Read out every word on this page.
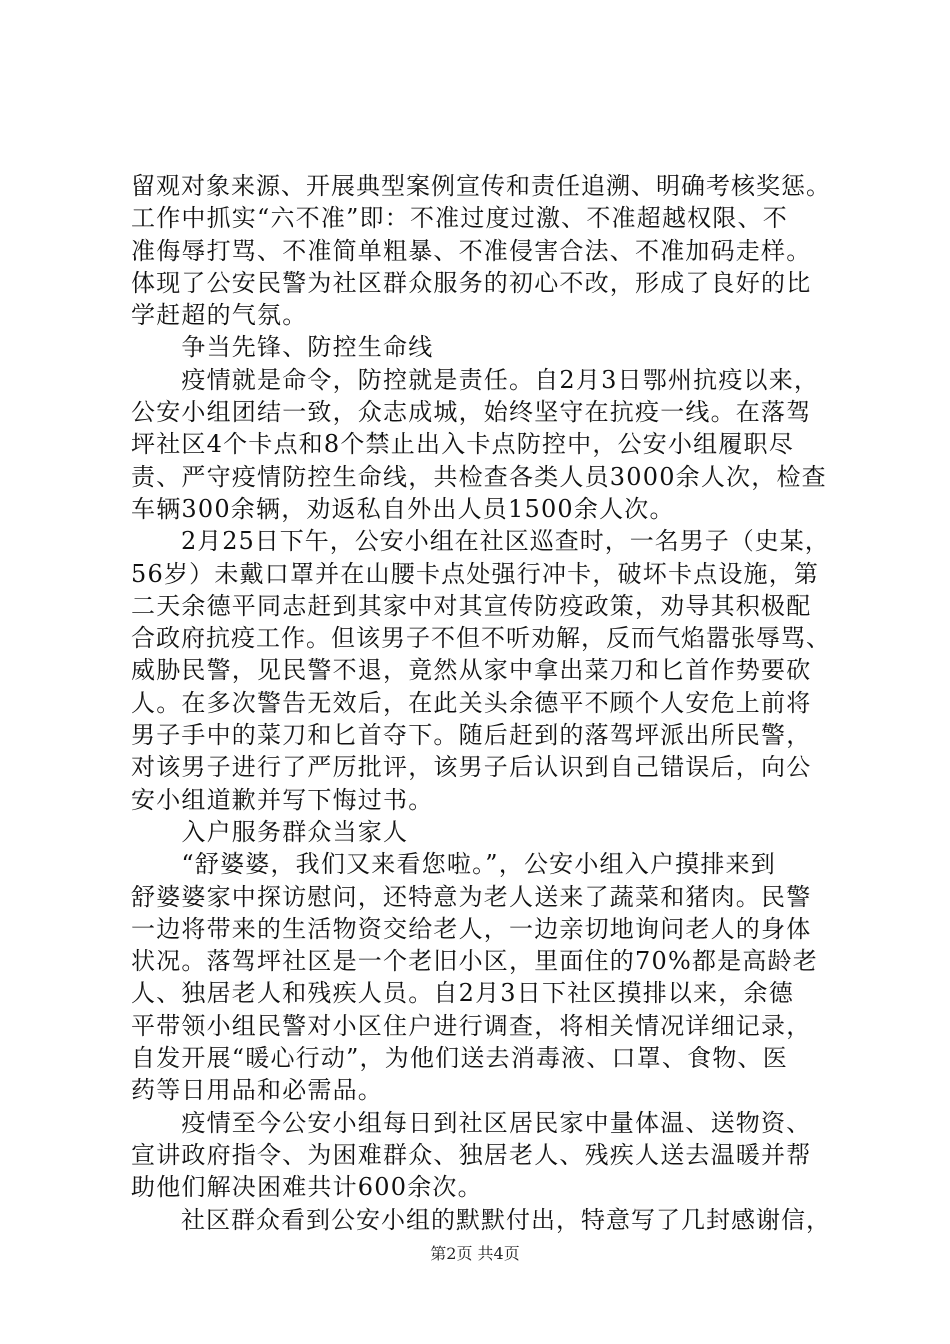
留观对象来源、开展典型案例宣传和责任追溯、明确考核奖惩。
工作中抓实“六不准”即：不准过度过激、不准超越权限、不
准侮辱打骂、不准简单粗暴、不准侵害合法、不准加码走样。
体现了公安民警为社区群众服务的初心不改，形成了良好的比
学赶超的气氛。
　　争当先锋、防控生命线
　　疫情就是命令，防控就是责任。自2月3日鄂州抗疫以来，
公安小组团结一致，众志成城，始终坚守在抗疫一线。在落驾
坪社区4个卡点和8个禁止出入卡点防控中，公安小组履职尽
责、严守疫情防控生命线，共检查各类人员3000余人次，检查
车辆300余辆，劝返私自外出人员1500余人次。
　　2月25日下午，公安小组在社区巡查时，一名男子（史某，
56岁）未戴口罩并在山腰卡点处强行冲卡，破坏卡点设施，第
二天余德平同志赶到其家中对其宣传防疫政策，劝导其积极配
合政府抗疫工作。但该男子不但不听劝解，反而气焰嚣张辱骂、
威胁民警，见民警不退，竟然从家中拿出菜刀和匕首作势要砍
人。在多次警告无效后，在此关头余德平不顾个人安危上前将
男子手中的菜刀和匕首夺下。随后赶到的落驾坪派出所民警，
对该男子进行了严厉批评，该男子后认识到自己错误后，向公
安小组道歉并写下悔过书。
　　入户服务群众当家人
　　“舒婆婆，我们又来看您啦。”，公安小组入户摸排来到
舒婆婆家中探访慰问，还特意为老人送来了蔬菜和猪肉。民警
一边将带来的生活物资交给老人，一边亲切地询问老人的身体
状况。落驾坪社区是一个老旧小区，里面住的70%都是高龄老
人、独居老人和残疾人员。自2月3日下社区摸排以来，余德
平带领小组民警对小区住户进行调查，将相关情况详细记录，
自发开展“暖心行动”，为他们送去消毒液、口罩、食物、医
药等日用品和必需品。
　　疫情至今公安小组每日到社区居民家中量体温、送物资、
宣讲政府指令、为困难群众、独居老人、残疾人送去温暖并帮
助他们解决困难共计600余次。
　　社区群众看到公安小组的默默付出，特意写了几封感谢信，
第2页 共4页
